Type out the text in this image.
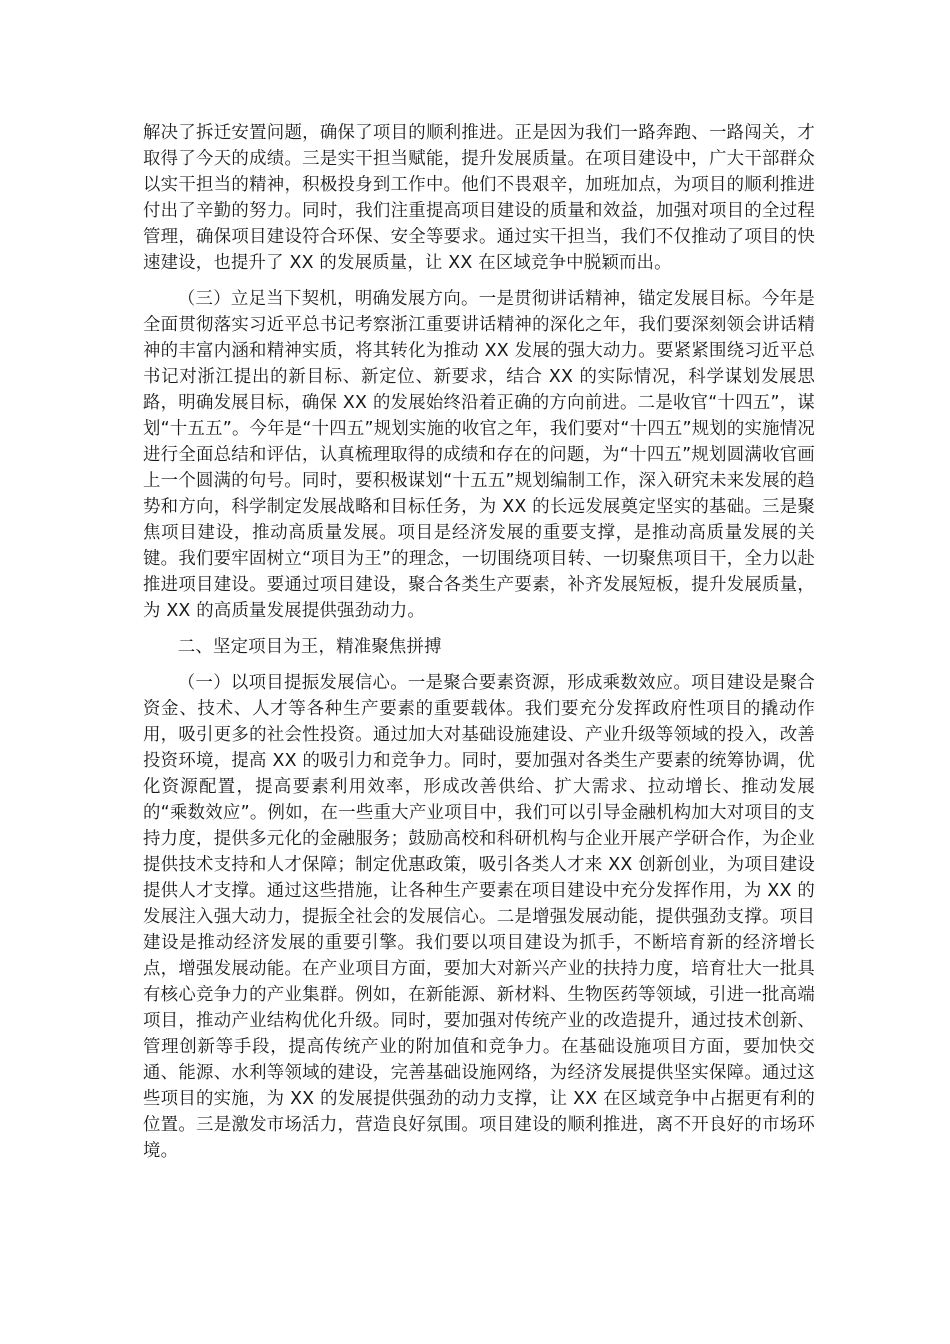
解决了拆迁安置问题，确保了项目的顺利推进。正是因为我们一路奔跑、一路闯关，才取得了今天的成绩。三是实干担当赋能，提升发展质量。在项目建设中，广大干部群众以实干担当的精神，积极投身到工作中。他们不畏艰辛，加班加点，为项目的顺利推进付出了辛勤的努力。同时，我们注重提高项目建设的质量和效益，加强对项目的全过程管理，确保项目建设符合环保、安全等要求。通过实干担当，我们不仅推动了项目的快速建设，也提升了 XX 的发展质量，让 XX 在区域竞争中脱颖而出。

（三）立足当下契机，明确发展方向。一是贯彻讲话精神，锚定发展目标。今年是全面贯彻落实习近平总书记考察浙江重要讲话精神的深化之年，我们要深刻领会讲话精神的丰富内涵和精神实质，将其转化为推动 XX 发展的强大动力。要紧紧围绕习近平总书记对浙江提出的新目标、新定位、新要求，结合 XX 的实际情况，科学谋划发展思路，明确发展目标，确保 XX 的发展始终沿着正确的方向前进。二是收官“十四五”，谋划“十五五”。今年是“十四五”规划实施的收官之年，我们要对“十四五”规划的实施情况进行全面总结和评估，认真梳理取得的成绩和存在的问题，为“十四五”规划圆满收官画上一个圆满的句号。同时，要积极谋划“十五五”规划编制工作，深入研究未来发展的趋势和方向，科学制定发展战略和目标任务，为 XX 的长远发展奠定坚实的基础。三是聚焦项目建设，推动高质量发展。项目是经济发展的重要支撑，是推动高质量发展的关键。我们要牢固树立“项目为王”的理念，一切围绕项目转、一切聚焦项目干，全力以赴推进项目建设。要通过项目建设，聚合各类生产要素，补齐发展短板，提升发展质量，为 XX 的高质量发展提供强劲动力。

二、坚定项目为王，精准聚焦拼搏

（一）以项目提振发展信心。一是聚合要素资源，形成乘数效应。项目建设是聚合资金、技术、人才等各种生产要素的重要载体。我们要充分发挥政府性项目的撬动作用，吸引更多的社会性投资。通过加大对基础设施建设、产业升级等领域的投入，改善投资环境，提高 XX 的吸引力和竞争力。同时，要加强对各类生产要素的统筹协调，优化资源配置，提高要素利用效率，形成改善供给、扩大需求、拉动增长、推动发展的“乘数效应”。例如，在一些重大产业项目中，我们可以引导金融机构加大对项目的支持力度，提供多元化的金融服务；鼓励高校和科研机构与企业开展产学研合作，为企业提供技术支持和人才保障；制定优惠政策，吸引各类人才来 XX 创新创业，为项目建设提供人才支撑。通过这些措施，让各种生产要素在项目建设中充分发挥作用，为 XX 的发展注入强大动力，提振全社会的发展信心。二是增强发展动能，提供强劲支撑。项目建设是推动经济发展的重要引擎。我们要以项目建设为抓手，不断培育新的经济增长点，增强发展动能。在产业项目方面，要加大对新兴产业的扶持力度，培育壮大一批具有核心竞争力的产业集群。例如，在新能源、新材料、生物医药等领域，引进一批高端项目，推动产业结构优化升级。同时，要加强对传统产业的改造提升，通过技术创新、管理创新等手段，提高传统产业的附加值和竞争力。在基础设施项目方面，要加快交通、能源、水利等领域的建设，完善基础设施网络，为经济发展提供坚实保障。通过这些项目的实施，为 XX 的发展提供强劲的动力支撑，让 XX 在区域竞争中占据更有利的位置。三是激发市场活力，营造良好氛围。项目建设的顺利推进，离不开良好的市场环境。
